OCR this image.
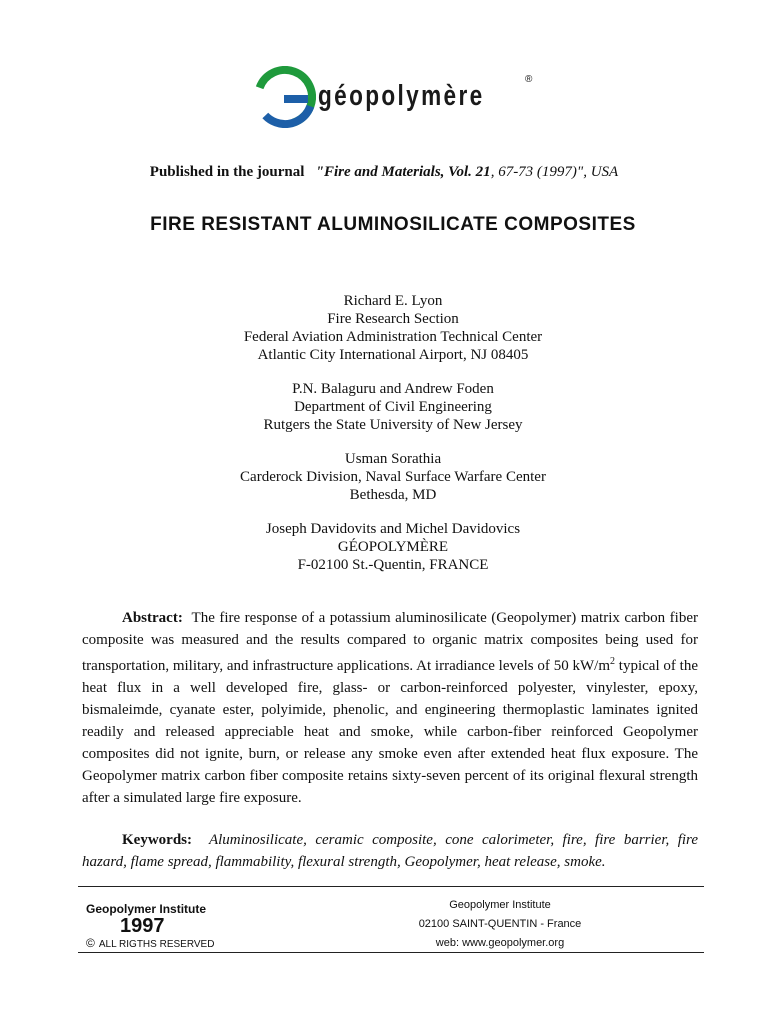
géopolymère
®
Published in the journal "Fire and Materials, Vol. 21, 67-73 (1997)", USA
FIRE RESISTANT ALUMINOSILICATE COMPOSITES
Richard E. Lyon
Fire Research Section
Federal Aviation Administration Technical Center
Atlantic City International Airport, NJ 08405
P.N. Balaguru and Andrew Foden
Department of Civil Engineering
Rutgers the State University of New Jersey
Usman Sorathia
Carderock Division, Naval Surface Warfare Center
Bethesda, MD
Joseph Davidovits and Michel Davidovics
GÉOPOLYMÈRE
F-02100 St.-Quentin, FRANCE
Abstract: The fire response of a potassium aluminosilicate (Geopolymer) matrix carbon fiber composite was measured and the results compared to organic matrix composites being used for transportation, military, and infrastructure applications. At irradiance levels of 50 $kW/m^2$ typical of the heat flux in a well developed fire, glass- or carbon-reinforced polyester, vinylester, epoxy, bismaleimde, cyanate ester, polyimide, phenolic, and engineering thermoplastic laminates ignited readily and released appreciable heat and smoke, while carbon-fiber reinforced Geopolymer composites did not ignite, burn, or release any smoke even after extended heat flux exposure. The Geopolymer matrix carbon fiber composite retains sixty-seven percent of its original flexural strength after a simulated large fire exposure.
Keywords: Aluminosilicate, ceramic composite, cone calorimeter, fire, fire barrier, fire hazard, flame spread, flammability, flexural strength, Geopolymer, heat release, smoke.
Geopolymer Institute
1997
© ALL RIGTHS RESERVED
Geopolymer Institute
02100 SAINT-QUENTIN - France
web: www.geopolymer.org
